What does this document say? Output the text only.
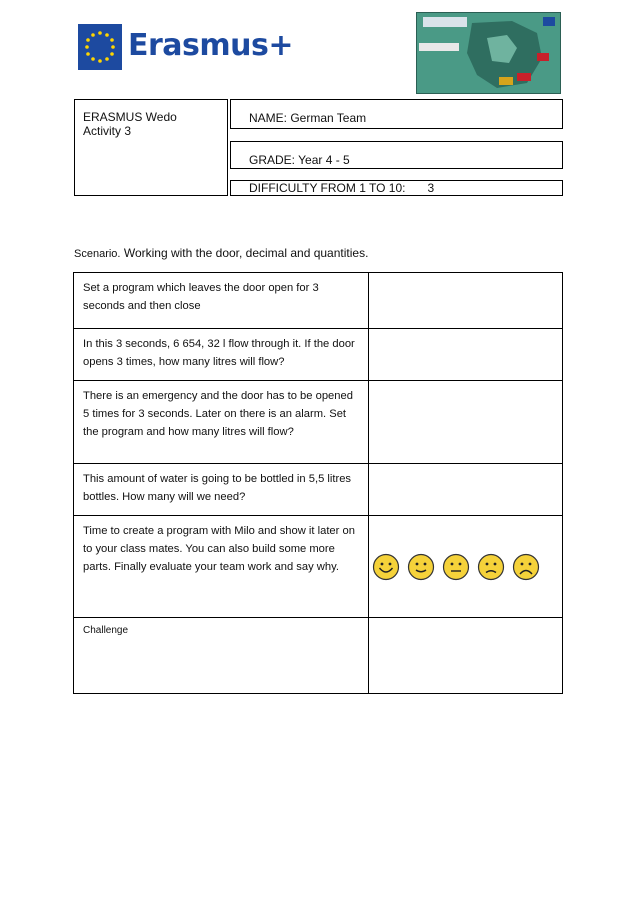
Erasmus+
ERASMUS Wedo
Activity 3
NAME: German Team
GRADE: Year 4 - 5
DIFFICULTY FROM 1 TO 10: 3
Scenario. Working with the door, decimal and quantities.
Set a program which leaves the door open for 3 seconds and then close	
In this 3 seconds, 6 654, 32 l flow through it. If the door opens 3 times, how many litres will flow?	
There is an emergency and the door has to be opened 5 times for 3 seconds. Later on there is an alarm. Set the program and how many litres will flow?	
This amount of water is going to be bottled in 5,5 litres bottles. How many will we need?	
Time to create a program with Milo and show it later on to your class mates. You can also build some more parts. Finally evaluate your team work and say why.	

Challenge	
